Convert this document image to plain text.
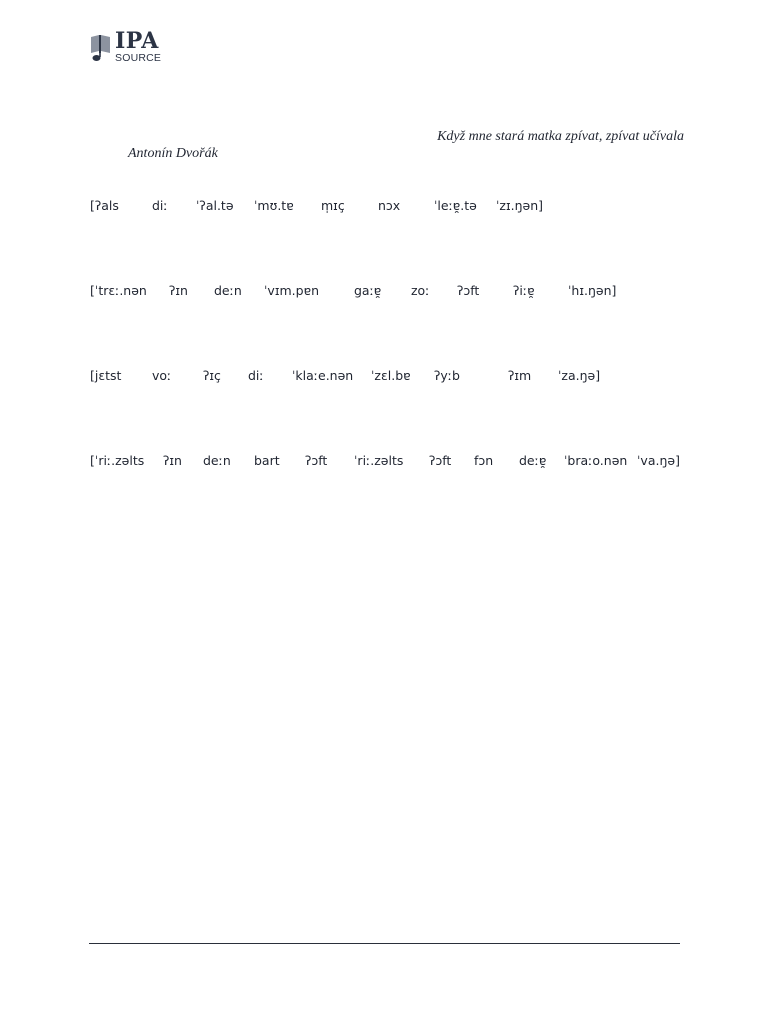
IPA
SOURCE
Když mne stará matka zpívat, zpívat učívala
Antonín Dvořák
[ʔals	diː ˈʔal.tə ˈmʊ.tɐ m̩ɪç	nɔx	ˈleːɐ̯.tə ˈzɪ.ŋən]
[ˈtrɛː.nən ʔɪn deːn ˈvɪm.pɐn	gaːɐ̯ zoː ʔɔft	ʔiːɐ̯	ˈhɪ.ŋən]
[jɛtst voː	ʔɪç diː ˈklaːe.nən ˈzɛl.bɐ ʔyːb	ʔɪm ˈza.ŋə]
[ˈriː.zəlts ʔɪn deːn bart ʔɔft ˈriː.zəlts ʔɔft fɔn deːɐ̯ ˈbraːo.nən ˈva.ŋə]
